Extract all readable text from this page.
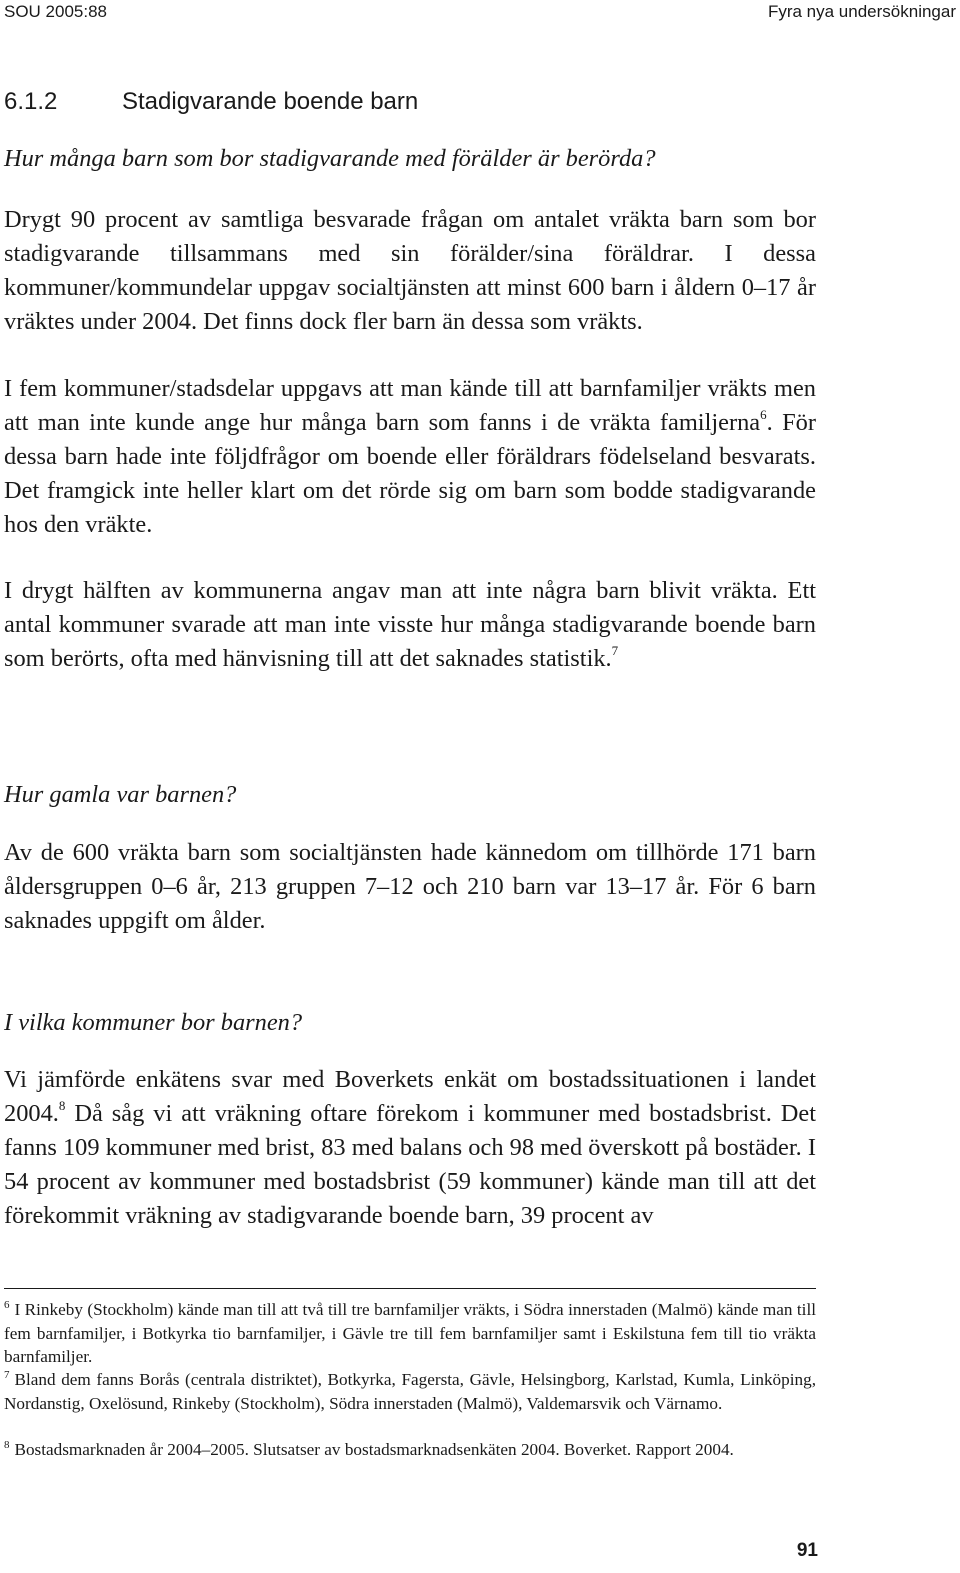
SOU 2005:88	Fyra nya undersökningar
6.1.2	Stadigvarande boende barn
Hur många barn som bor stadigvarande med förälder är berörda?

Drygt 90 procent av samtliga besvarade frågan om antalet vräkta barn som bor stadigvarande tillsammans med sin förälder/sina föräldrar. I dessa kommuner/kommundelar uppgav socialtjänsten att minst 600 barn i åldern 0–17 år vräktes under 2004. Det finns dock fler barn än dessa som vräkts.

I fem kommuner/stadsdelar uppgavs att man kände till att barnfamiljer vräkts men att man inte kunde ange hur många barn som fanns i de vräkta familjerna$^6$. För dessa barn hade inte följdfrågor om boende eller föräldrars födelseland besvarats. Det framgick inte heller klart om det rörde sig om barn som bodde stadigvarande hos den vräkte.

I drygt hälften av kommunerna angav man att inte några barn blivit vräkta. Ett antal kommuner svarade att man inte visste hur många stadigvarande boende barn som berörts, ofta med hänvisning till att det saknades statistik.$^7$

Hur gamla var barnen?

Av de 600 vräkta barn som socialtjänsten hade kännedom om tillhörde 171 barn åldersgruppen 0–6 år, 213 gruppen 7–12 och 210 barn var 13–17 år. För 6 barn saknades uppgift om ålder.

I vilka kommuner bor barnen?

Vi jämförde enkätens svar med Boverkets enkät om bostadssituationen i landet 2004.$^8$ Då såg vi att vräkning oftare förekom i kommuner med bostadsbrist. Det fanns 109 kommuner med brist, 83 med balans och 98 med överskott på bostäder. I 54 procent av kommuner med bostadsbrist (59 kommuner) kände man till att det förekommit vräkning av stadigvarande boende barn, 39 procent av

$^6$ I Rinkeby (Stockholm) kände man till att två till tre barnfamiljer vräkts, i Södra innerstaden (Malmö) kände man till fem barnfamiljer, i Botkyrka tio barnfamiljer, i Gävle tre till fem barnfamiljer samt i Eskilstuna fem till tio vräkta barnfamiljer.

$^7$ Bland dem fanns Borås (centrala distriktet), Botkyrka, Fagersta, Gävle, Helsingborg, Karlstad, Kumla, Linköping, Nordanstig, Oxelösund, Rinkeby (Stockholm), Södra innerstaden (Malmö), Valdemarsvik och Värnamo.

$^8$ Bostadsmarknaden år 2004–2005. Slutsatser av bostadsmarknadsenkäten 2004. Boverket. Rapport 2004.

91
